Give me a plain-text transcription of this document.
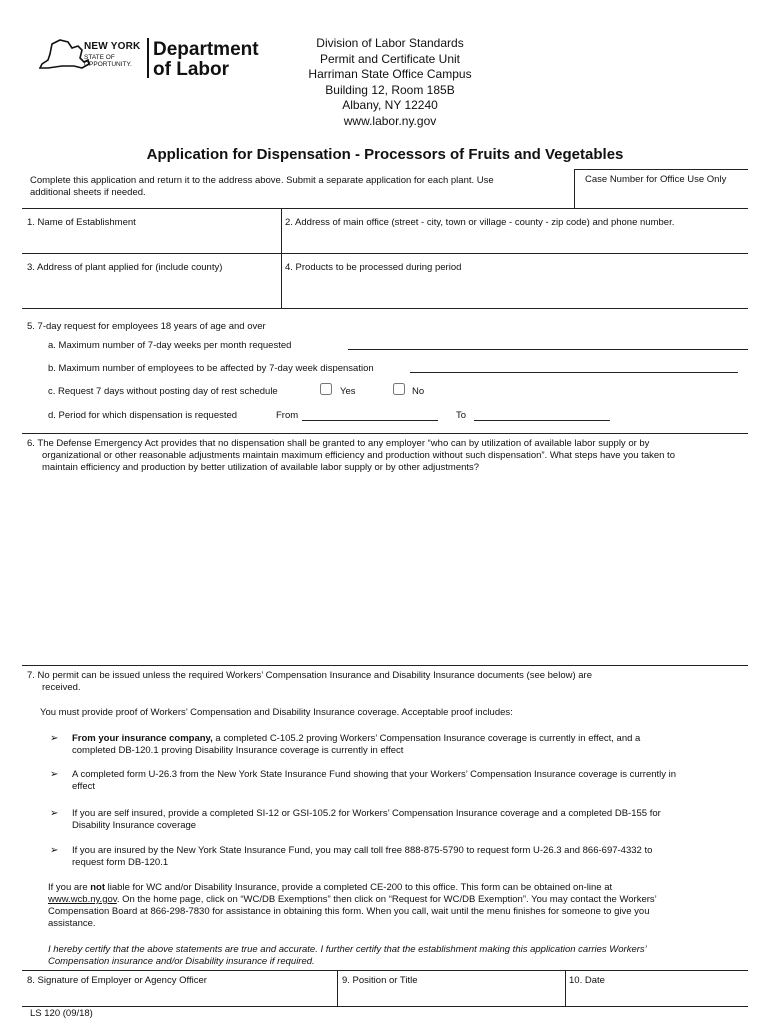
NEW YORK
STATE OF
OPPORTUNITY.
Department
of Labor
Division of Labor Standards
Permit and Certificate Unit
Harriman State Office Campus
Building 12, Room 185B
Albany, NY 12240
www.labor.ny.gov
Application for Dispensation - Processors of Fruits and Vegetables
Complete this application and return it to the address above. Submit a separate application for each plant. Use
additional sheets if needed.
Case Number for Office Use Only
1. Name of Establishment	2. Address of main office (street - city, town or village - county - zip code) and phone number.
3. Address of plant applied for (include county)	4. Products to be processed during period
5. 7-day request for employees 18 years of age and over
a. Maximum number of 7-day weeks per month requested
b. Maximum number of employees to be affected by 7-day week dispensation
c. Request 7 days without posting day of rest schedule	Yes	No
d. Period for which dispensation is requested	From	To
6. The Defense Emergency Act provides that no dispensation shall be granted to any employer “who can by utilization of available labor supply or by
organizational or other reasonable adjustments maintain maximum efficiency and production without such dispensation”. What steps have you taken to
maintain efficiency and production by better utilization of available labor supply or by other adjustments?
7. No permit can be issued unless the required Workers’ Compensation Insurance and Disability Insurance documents (see below) are
received.
You must provide proof of Workers’ Compensation and Disability Insurance coverage. Acceptable proof includes:
➢ From your insurance company, a completed C-105.2 proving Workers’ Compensation Insurance coverage is currently in effect, and a
completed DB-120.1 proving Disability Insurance coverage is currently in effect
➢ A completed form U-26.3 from the New York State Insurance Fund showing that your Workers’ Compensation Insurance coverage is currently in
effect
➢ If you are self insured, provide a completed SI-12 or GSI-105.2 for Workers’ Compensation Insurance coverage and a completed DB-155 for
Disability Insurance coverage
➢ If you are insured by the New York State Insurance Fund, you may call toll free 888-875-5790 to request form U-26.3 and 866-697-4332 to
request form DB-120.1
If you are not liable for WC and/or Disability Insurance, provide a completed CE-200 to this office. This form can be obtained on-line at
www.wcb.ny.gov. On the home page, click on “WC/DB Exemptions” then click on “Request for WC/DB Exemption”. You may contact the Workers’
Compensation Board at 866-298-7830 for assistance in obtaining this form. When you call, wait until the menu finishes for someone to give you
assistance.
I hereby certify that the above statements are true and accurate. I further certify that the establishment making this application carries Workers’
Compensation insurance and/or Disability insurance if required.
8. Signature of Employer or Agency Officer	9. Position or Title	10. Date
LS 120 (09/18)
